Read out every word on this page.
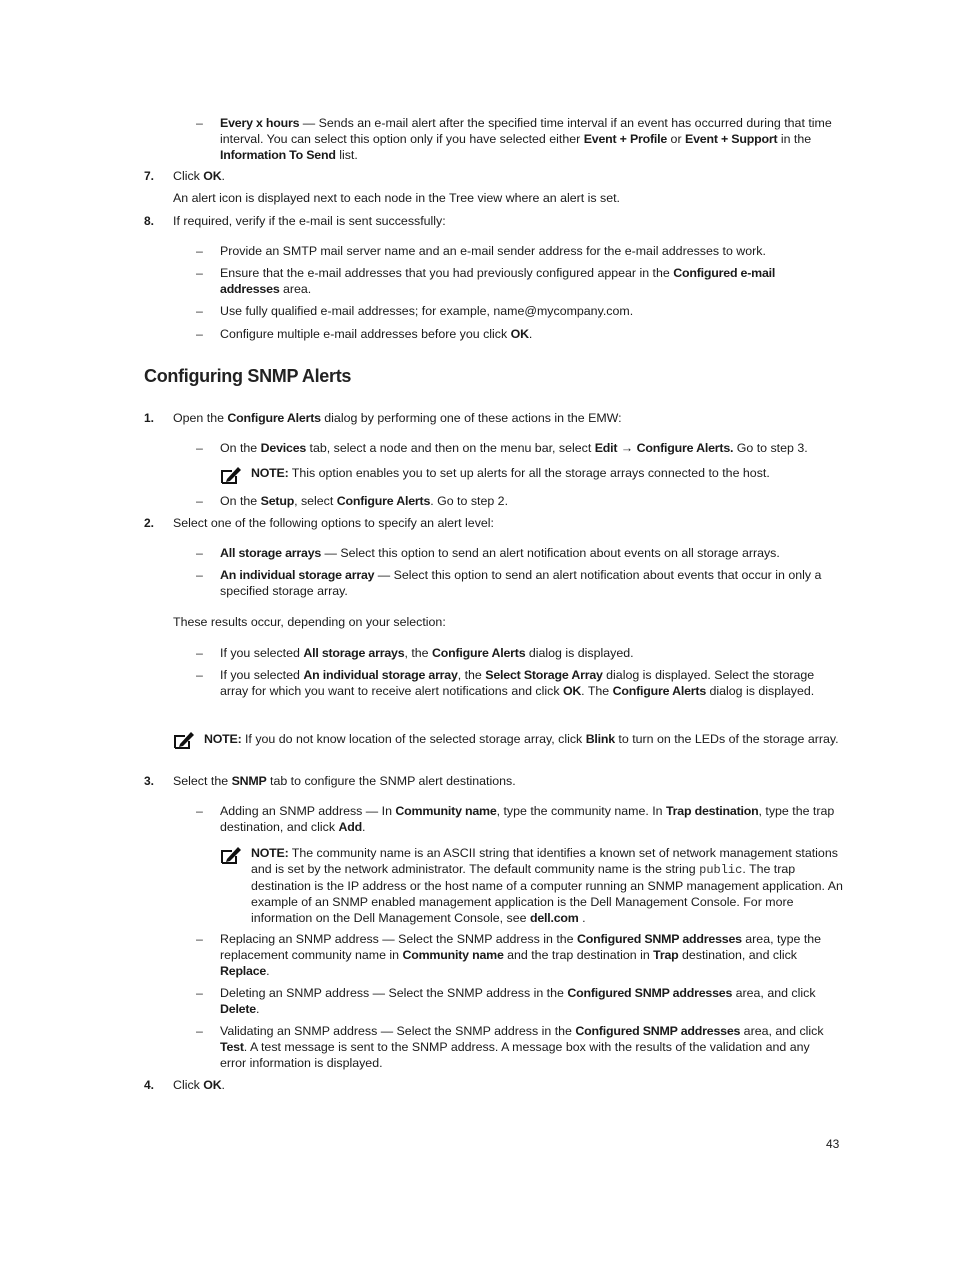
– Every x hours — Sends an e-mail alert after the specified time interval if an event has occurred during that time interval. You can select this option only if you have selected either Event + Profile or Event + Support in the Information To Send list.

7. Click OK.

An alert icon is displayed next to each node in the Tree view where an alert is set.

8. If required, verify if the e-mail is sent successfully:

– Provide an SMTP mail server name and an e-mail sender address for the e-mail addresses to work.

– Ensure that the e-mail addresses that you had previously configured appear in the Configured e-mail addresses area.

– Use fully qualified e-mail addresses; for example, name@mycompany.com.

– Configure multiple e-mail addresses before you click OK.

Configuring SNMP Alerts
1. Open the Configure Alerts dialog by performing one of these actions in the EMW:

– On the Devices tab, select a node and then on the menu bar, select Edit → Configure Alerts. Go to step 3.

NOTE: This option enables you to set up alerts for all the storage arrays connected to the host.

– On the Setup, select Configure Alerts. Go to step 2.

2. Select one of the following options to specify an alert level:

– All storage arrays — Select this option to send an alert notification about events on all storage arrays.

– An individual storage array — Select this option to send an alert notification about events that occur in only a specified storage array.

These results occur, depending on your selection:

– If you selected All storage arrays, the Configure Alerts dialog is displayed.

– If you selected An individual storage array, the Select Storage Array dialog is displayed. Select the storage array for which you want to receive alert notifications and click OK. The Configure Alerts dialog is displayed.

NOTE: If you do not know location of the selected storage array, click Blink to turn on the LEDs of the storage array.

3. Select the SNMP tab to configure the SNMP alert destinations.

– Adding an SNMP address — In Community name, type the community name. In Trap destination, type the trap destination, and click Add.

NOTE: The community name is an ASCII string that identifies a known set of network management stations and is set by the network administrator. The default community name is the string public. The trap destination is the IP address or the host name of a computer running an SNMP management application. An example of an SNMP enabled management application is the Dell Management Console. For more information on the Dell Management Console, see dell.com .

– Replacing an SNMP address — Select the SNMP address in the Configured SNMP addresses area, type the replacement community name in Community name and the trap destination in Trap destination, and click Replace.

– Deleting an SNMP address — Select the SNMP address in the Configured SNMP addresses area, and click Delete.

– Validating an SNMP address — Select the SNMP address in the Configured SNMP addresses area, and click Test. A test message is sent to the SNMP address. A message box with the results of the validation and any error information is displayed.

4. Click OK.

43
